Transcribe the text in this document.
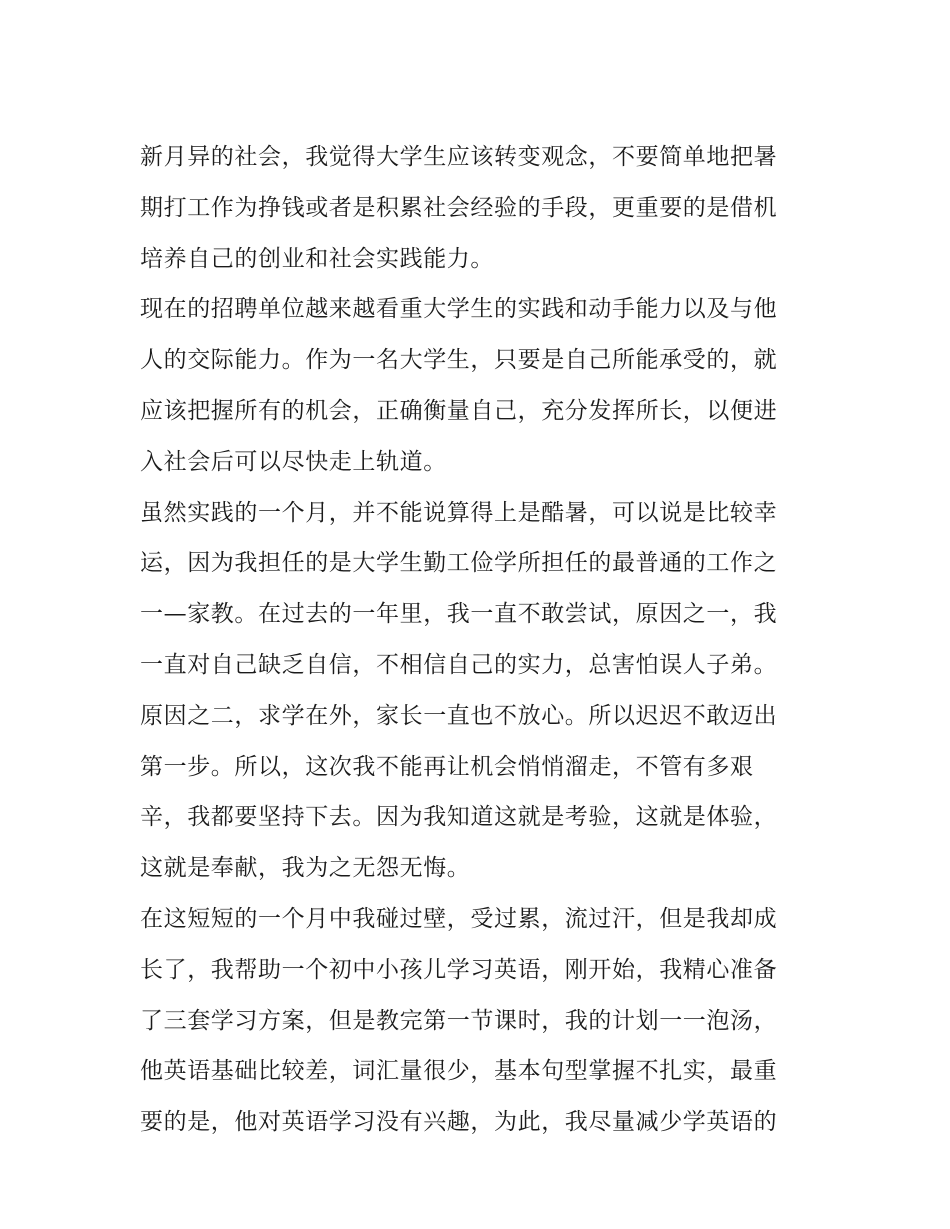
新月异的社会，我觉得大学生应该转变观念，不要简单地把暑
期打工作为挣钱或者是积累社会经验的手段，更重要的是借机
培养自己的创业和社会实践能力。
现在的招聘单位越来越看重大学生的实践和动手能力以及与他
人的交际能力。作为一名大学生，只要是自己所能承受的，就
应该把握所有的机会，正确衡量自己，充分发挥所长，以便进
入社会后可以尽快走上轨道。
虽然实践的一个月，并不能说算得上是酷暑，可以说是比较幸
运，因为我担任的是大学生勤工俭学所担任的最普通的工作之
一—家教。在过去的一年里，我一直不敢尝试，原因之一，我
一直对自己缺乏自信，不相信自己的实力，总害怕误人子弟。
原因之二，求学在外，家长一直也不放心。所以迟迟不敢迈出
第一步。所以，这次我不能再让机会悄悄溜走，不管有多艰
辛，我都要坚持下去。因为我知道这就是考验，这就是体验，
这就是奉献，我为之无怨无悔。
在这短短的一个月中我碰过壁，受过累，流过汗，但是我却成
长了，我帮助一个初中小孩儿学习英语，刚开始，我精心准备
了三套学习方案，但是教完第一节课时，我的计划一一泡汤，
他英语基础比较差，词汇量很少，基本句型掌握不扎实，最重
要的是，他对英语学习没有兴趣，为此，我尽量减少学英语的
